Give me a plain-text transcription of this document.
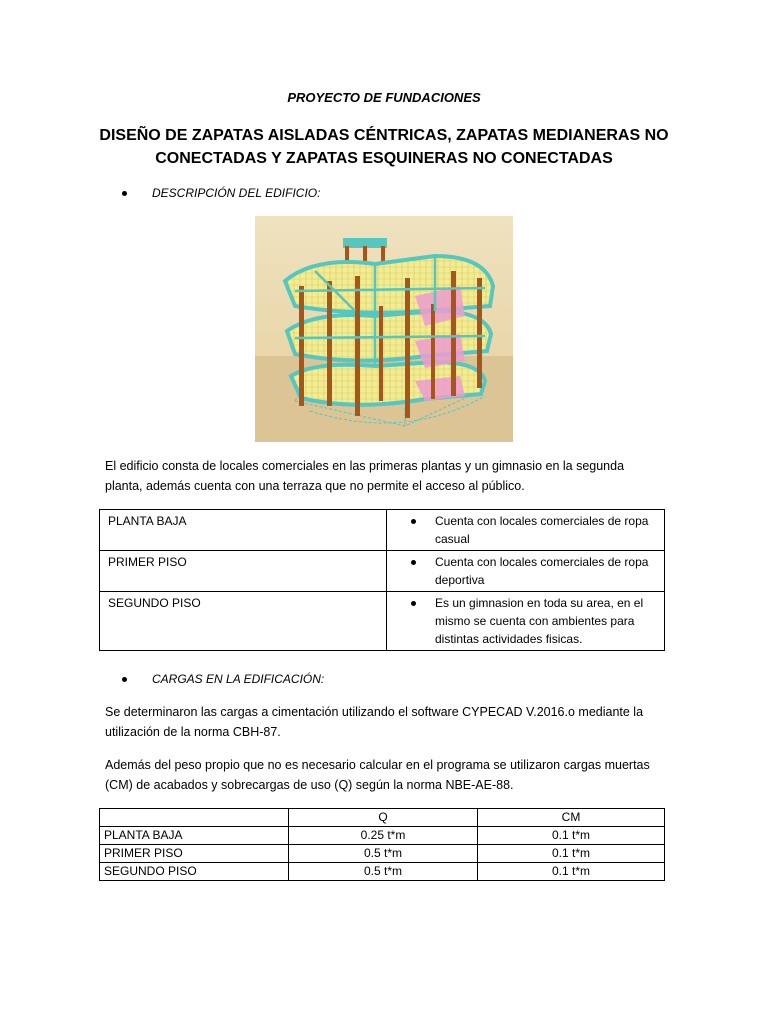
PROYECTO DE FUNDACIONES
DISEÑO DE ZAPATAS AISLADAS CÉNTRICAS, ZAPATAS MEDIANERAS NO
CONECTADAS Y ZAPATAS ESQUINERAS NO CONECTADAS
DESCRIPCIÓN DEL EDIFICIO:
El edificio consta de locales comerciales en las primeras plantas y un gimnasio en la segunda
planta, además cuenta con una terraza que no permite el acceso al público.
PLANTA BAJA	Cuenta con locales comerciales de ropa
casual

PRIMER PISO	Cuenta con locales comerciales de ropa
deportiva

SEGUNDO PISO	Es un gimnasion en toda su area, en el
mismo se cuenta con ambientes para
distintas actividades fisicas.
CARGAS EN LA EDIFICACIÓN:
Se determinaron las cargas a cimentación utilizando el software CYPECAD V.2016.o mediante la
utilización de la norma CBH-87.
Además del peso propio que no es necesario calcular en el programa se utilizaron cargas muertas
(CM) de acabados y sobrecargas de uso (Q) según la norma NBE-AE-88.
	Q	CM
PLANTA BAJA	0.25 t*m	0.1 t*m
PRIMER PISO	0.5 t*m	0.1 t*m
SEGUNDO PISO	0.5 t*m	0.1 t*m
